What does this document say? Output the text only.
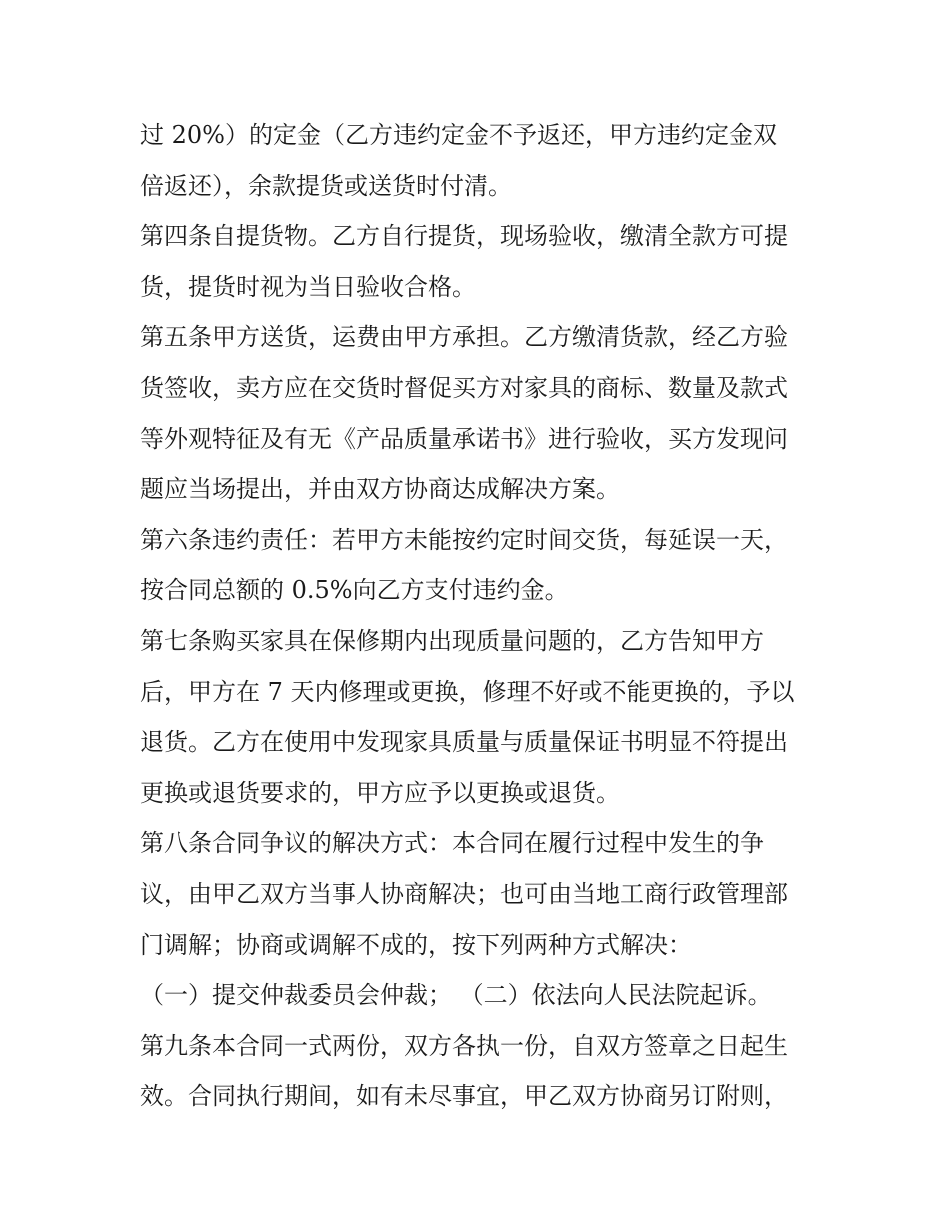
过 20%）的定金（乙方违约定金不予返还，甲方违约定金双
倍返还），余款提货或送货时付清。
第四条自提货物。乙方自行提货，现场验收，缴清全款方可提
货，提货时视为当日验收合格。
第五条甲方送货，运费由甲方承担。乙方缴清货款，经乙方验
货签收，卖方应在交货时督促买方对家具的商标、数量及款式
等外观特征及有无《产品质量承诺书》进行验收，买方发现问
题应当场提出，并由双方协商达成解决方案。
第六条违约责任：若甲方未能按约定时间交货，每延误一天，
按合同总额的 0.5%向乙方支付违约金。
第七条购买家具在保修期内出现质量问题的，乙方告知甲方
后，甲方在 7 天内修理或更换，修理不好或不能更换的，予以
退货。乙方在使用中发现家具质量与质量保证书明显不符提出
更换或退货要求的，甲方应予以更换或退货。
第八条合同争议的解决方式：本合同在履行过程中发生的争
议，由甲乙双方当事人协商解决；也可由当地工商行政管理部
门调解；协商或调解不成的，按下列两种方式解决：
（一）提交仲裁委员会仲裁； （二）依法向人民法院起诉。
第九条本合同一式两份，双方各执一份，自双方签章之日起生
效。合同执行期间，如有未尽事宜，甲乙双方协商另订附则，
